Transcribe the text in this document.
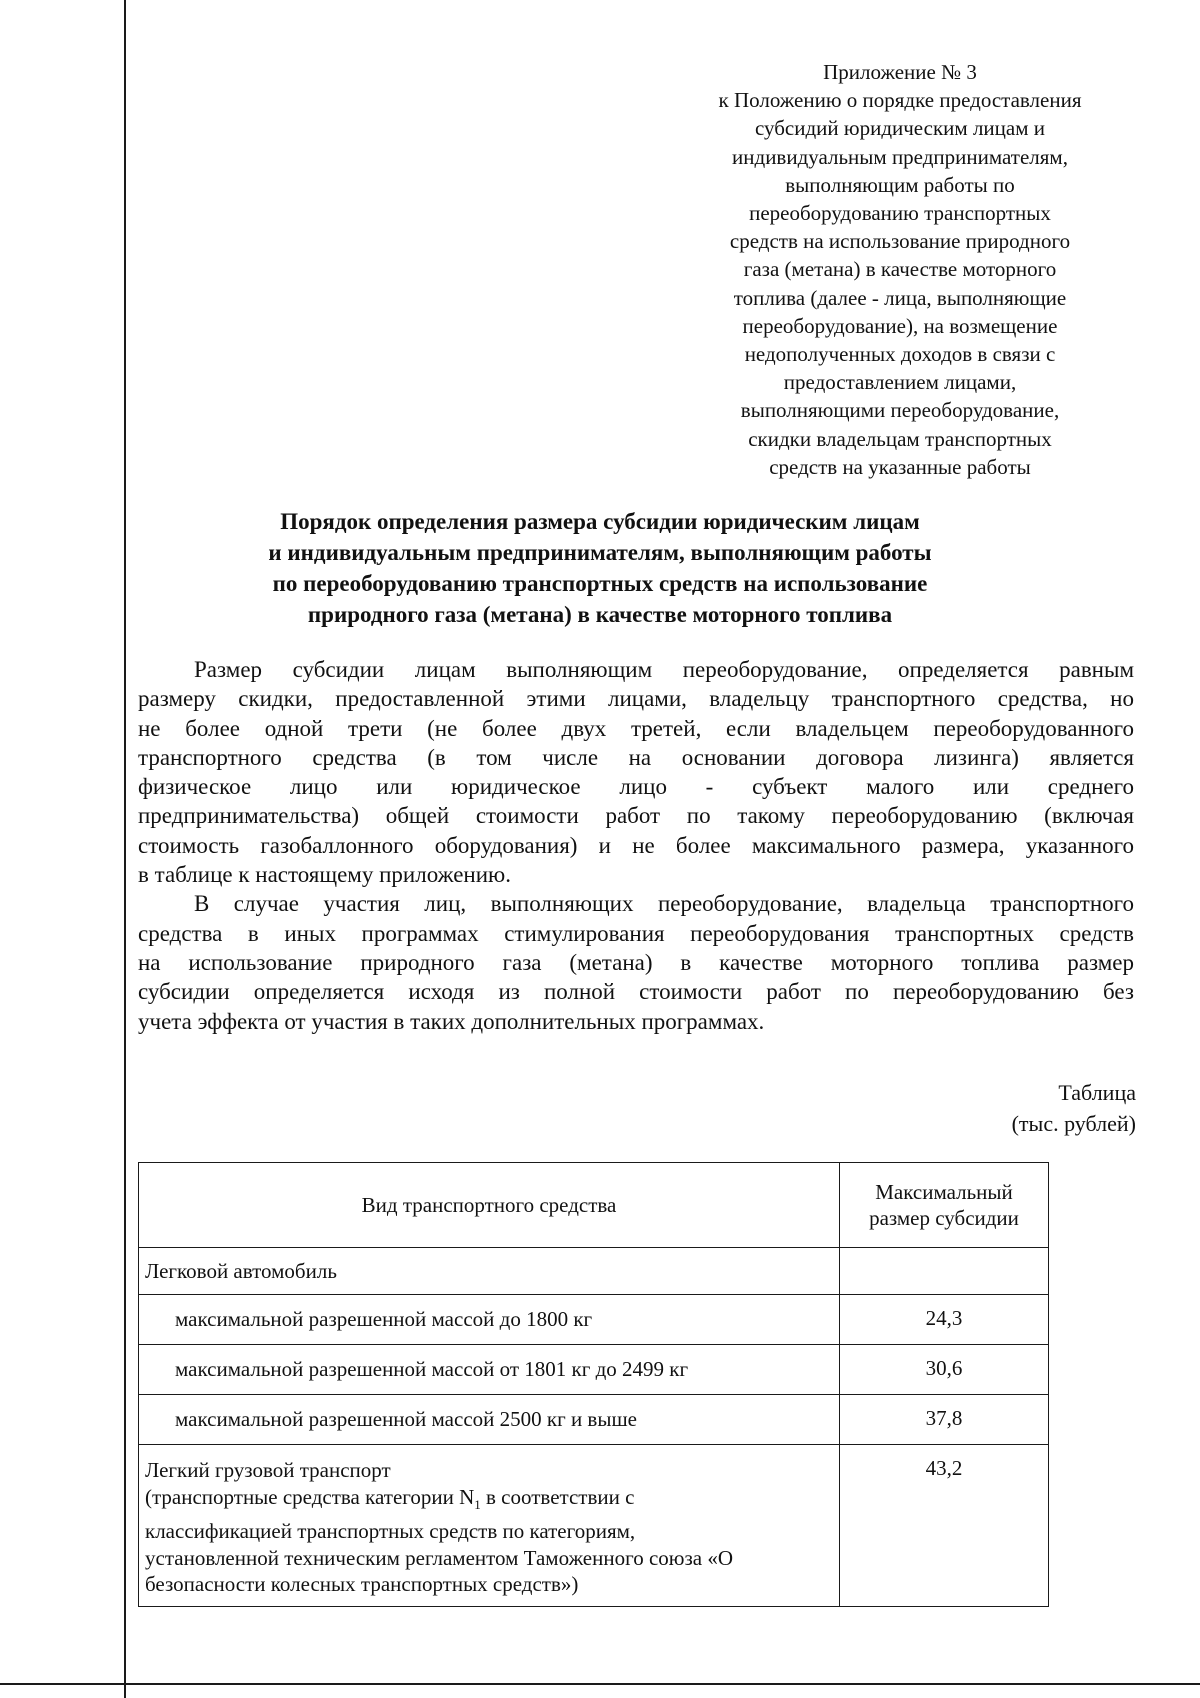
Приложение № 3
к Положению о порядке предоставления
субсидий юридическим лицам и
индивидуальным предпринимателям,
выполняющим работы по
переоборудованию транспортных
средств на использование природного
газа (метана) в качестве моторного
топлива (далее - лица, выполняющие
переоборудование), на возмещение
недополученных доходов в связи с
предоставлением лицами,
выполняющими переоборудование,
скидки владельцам транспортных
средств на указанные работы
Порядок определения размера субсидии юридическим лицам
и индивидуальным предпринимателям, выполняющим работы
по переоборудованию транспортных средств на использование
природного газа (метана) в качестве моторного топлива
Размер субсидии лицам выполняющим переоборудование, определяется равным
размеру скидки, предоставленной этими лицами, владельцу транспортного средства, но
не более одной трети (не более двух третей, если владельцем переоборудованного
транспортного средства (в том числе на основании договора лизинга) является
физическое лицо или юридическое лицо - субъект малого или среднего
предпринимательства) общей стоимости работ по такому переоборудованию (включая
стоимость газобаллонного оборудования) и не более максимального размера, указанного
в таблице к настоящему приложению.
В случае участия лиц, выполняющих переоборудование, владельца транспортного
средства в иных программах стимулирования переоборудования транспортных средств
на использование природного газа (метана) в качестве моторного топлива размер
субсидии определяется исходя из полной стоимости работ по переоборудованию без
учета эффекта от участия в таких дополнительных программах.
Таблица
(тыс. рублей)
Вид транспортного средства	Максимальный
размер субсидии

Легковой автомобиль	
максимальной разрешенной массой до 1800 кг	24,3
максимальной разрешенной массой от 1801 кг до 2499 кг	30,6
максимальной разрешенной массой 2500 кг и выше	37,8

Легкий грузовой транспорт
(транспортные средства категории $N_1$ в соответствии с
классификацией транспортных средств по категориям,
установленной техническим регламентом Таможенного союза «О
безопасности колесных транспортных средств»)	43,2
